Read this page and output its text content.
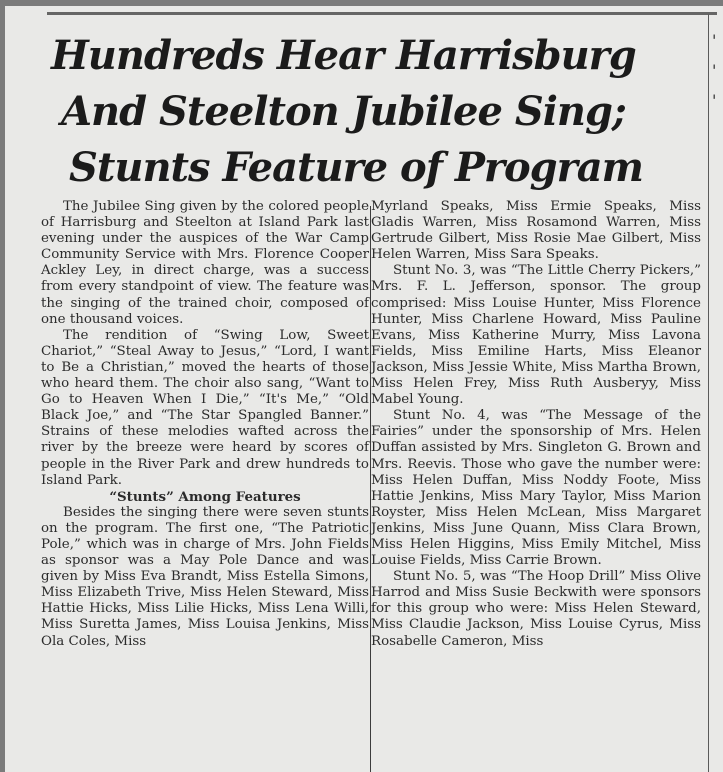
'
'
'
Hundreds Hear Harrisburg
And Steelton Jubilee Sing;
Stunts Feature of Program

The Jubilee Sing given by the colored people of Harrisburg and Steelton at Island Park last evening under the auspices of the War Camp Community Service with Mrs. Florence Cooper Ackley Ley, in direct charge, was a success from every standpoint of view. The feature was the singing of the trained choir, composed of one thousand voices.

The rendition of “Swing Low, Sweet Chariot,” “Steal Away to Jesus,” “Lord, I want to Be a Christian,” moved the hearts of those who heard them. The choir also sang, “Want to Go to Heaven When I Die,” “It's Me,” “Old Black Joe,” and “The Star Spangled Banner.” Strains of these melodies wafted across the river by the breeze were heard by scores of people in the River Park and drew hundreds to Island Park.

“Stunts” Among Features

Besides the singing there were seven stunts on the program. The first one, “The Patriotic Pole,” which was in charge of Mrs. John Fields as sponsor was a May Pole Dance and was given by Miss Eva Brandt, Miss Estella Simons, Miss Elizabeth Trive, Miss Helen Steward, Miss Hattie Hicks, Miss Lilie Hicks, Miss Lena Willi, Miss Suretta James, Miss Louisa Jenkins, Miss Ola Coles, Miss

Myrland Speaks, Miss Ermie Speaks, Miss Gladis Warren, Miss Rosamond Warren, Miss Gertrude Gilbert, Miss Rosie Mae Gilbert, Miss Helen Warren, Miss Sara Speaks.

Stunt No. 3, was “The Little Cherry Pickers,” Mrs. F. L. Jefferson, sponsor. The group comprised: Miss Louise Hunter, Miss Florence Hunter, Miss Charlene Howard, Miss Pauline Evans, Miss Katherine Murry, Miss Lavona Fields, Miss Emiline Harts, Miss Eleanor Jackson, Miss Jessie White, Miss Martha Brown, Miss Helen Frey, Miss Ruth Ausberyy, Miss Mabel Young.

Stunt No. 4, was “The Message of the Fairies” under the sponsorship of Mrs. Helen Duffan assisted by Mrs. Singleton G. Brown and Mrs. Reevis. Those who gave the number were: Miss Helen Duffan, Miss Noddy Foote, Miss Hattie Jenkins, Miss Mary Taylor, Miss Marion Royster, Miss Helen McLean, Miss Margaret Jenkins, Miss June Quann, Miss Clara Brown, Miss Helen Higgins, Miss Emily Mitchel, Miss Louise Fields, Miss Carrie Brown.

Stunt No. 5, was “The Hoop Drill” Miss Olive Harrod and Miss Susie Beckwith were sponsors for this group who were: Miss Helen Steward, Miss Claudie Jackson, Miss Louise Cyrus, Miss Rosabelle Cameron, Miss
